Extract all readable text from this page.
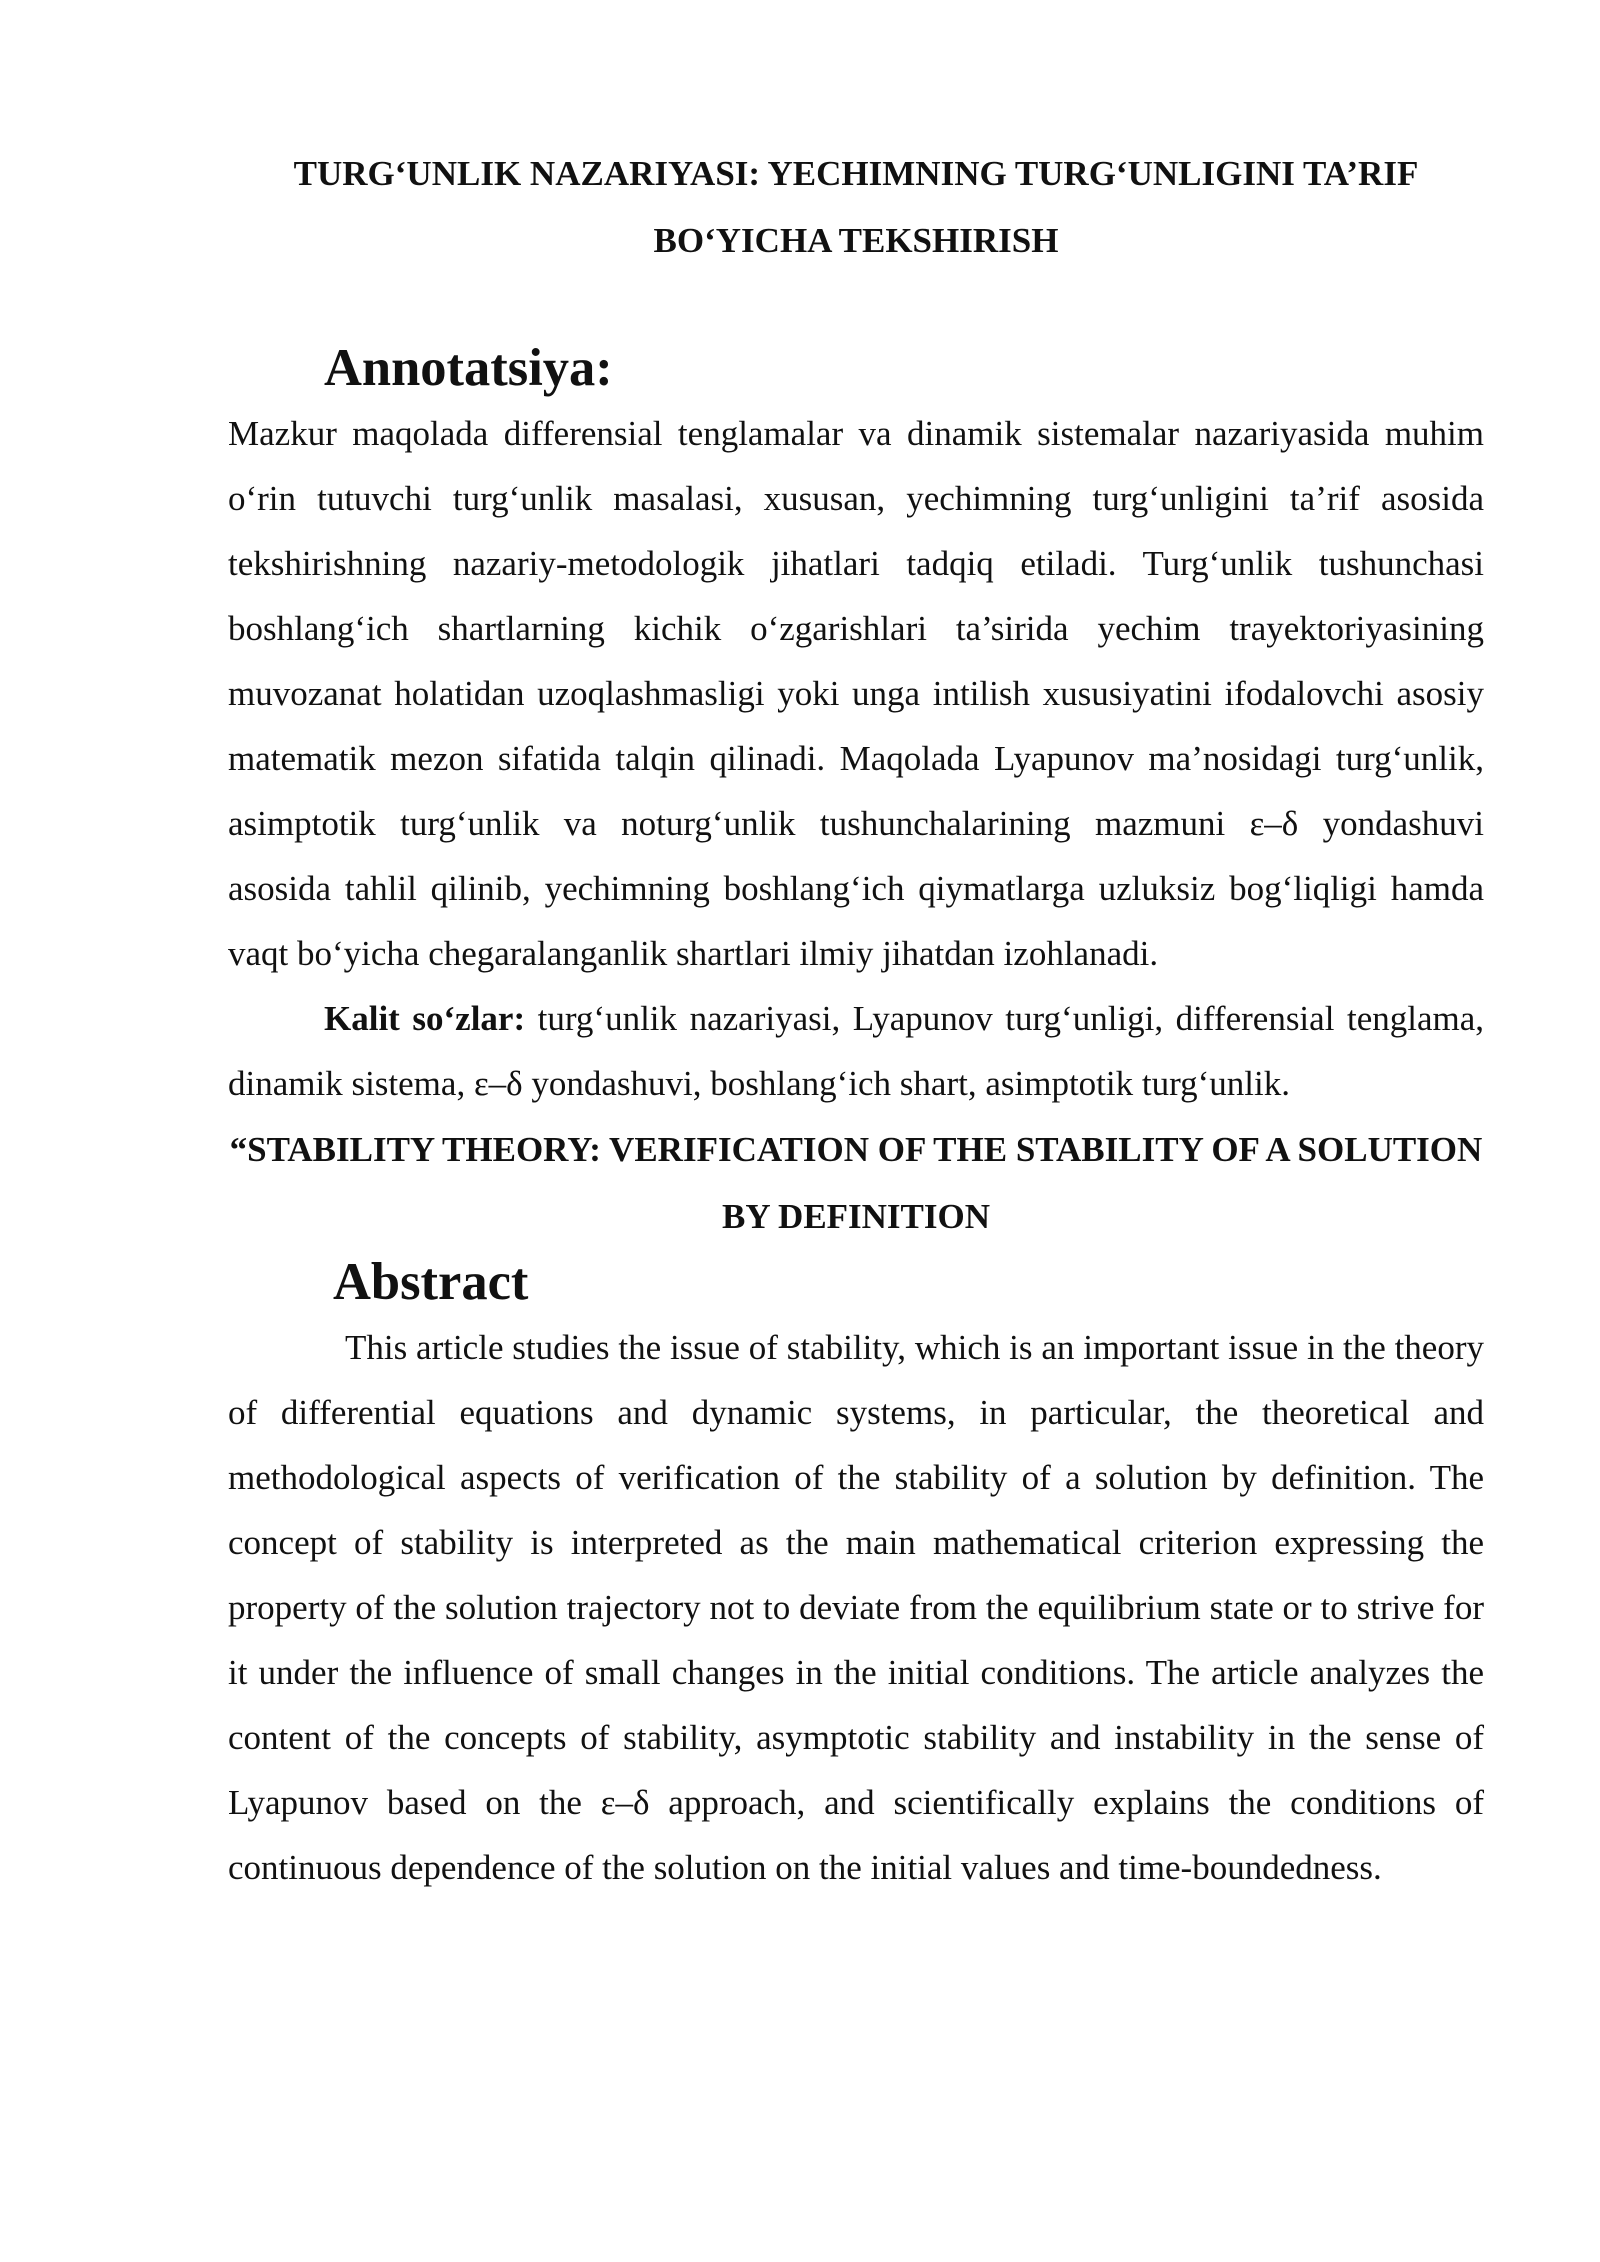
TURG‘UNLIK NAZARIYASI: YECHIMNING TURG‘UNLIGINI TA’RIF BO‘YICHA TEKSHIRISH
Annotatsiya:

Mazkur maqolada differensial tenglamalar va dinamik sistemalar nazariyasida muhim o‘rin tutuvchi turg‘unlik masalasi, xususan, yechimning turg‘unligini ta’rif asosida tekshirishning nazariy-metodologik jihatlari tadqiq etiladi. Turg‘unlik tushunchasi boshlang‘ich shartlarning kichik o‘zgarishlari ta’sirida yechim trayektoriyasining muvozanat holatidan uzoqlashmasligi yoki unga intilish xususiyatini ifodalovchi asosiy matematik mezon sifatida talqin qilinadi. Maqolada Lyapunov ma’nosidagi turg‘unlik, asimptotik turg‘unlik va noturg‘unlik tushunchalarining mazmuni ε–δ yondashuvi asosida tahlil qilinib, yechimning boshlang‘ich qiymatlarga uzluksiz bog‘liqligi hamda vaqt bo‘yicha chegaralanganlik shartlari ilmiy jihatdan izohlanadi.

Kalit so‘zlar: turg‘unlik nazariyasi, Lyapunov turg‘unligi, differensial tenglama, dinamik sistema, ε–δ yondashuvi, boshlang‘ich shart, asimptotik turg‘unlik.

“STABILITY THEORY: VERIFICATION OF THE STABILITY OF A SOLUTION BY DEFINITION
Abstract

This article studies the issue of stability, which is an important issue in the theory of differential equations and dynamic systems, in particular, the theoretical and methodological aspects of verification of the stability of a solution by definition. The concept of stability is interpreted as the main mathematical criterion expressing the property of the solution trajectory not to deviate from the equilibrium state or to strive for it under the influence of small changes in the initial conditions. The article analyzes the content of the concepts of stability, asymptotic stability and instability in the sense of Lyapunov based on the ε–δ approach, and scientifically explains the conditions of continuous dependence of the solution on the initial values and time-boundedness.
